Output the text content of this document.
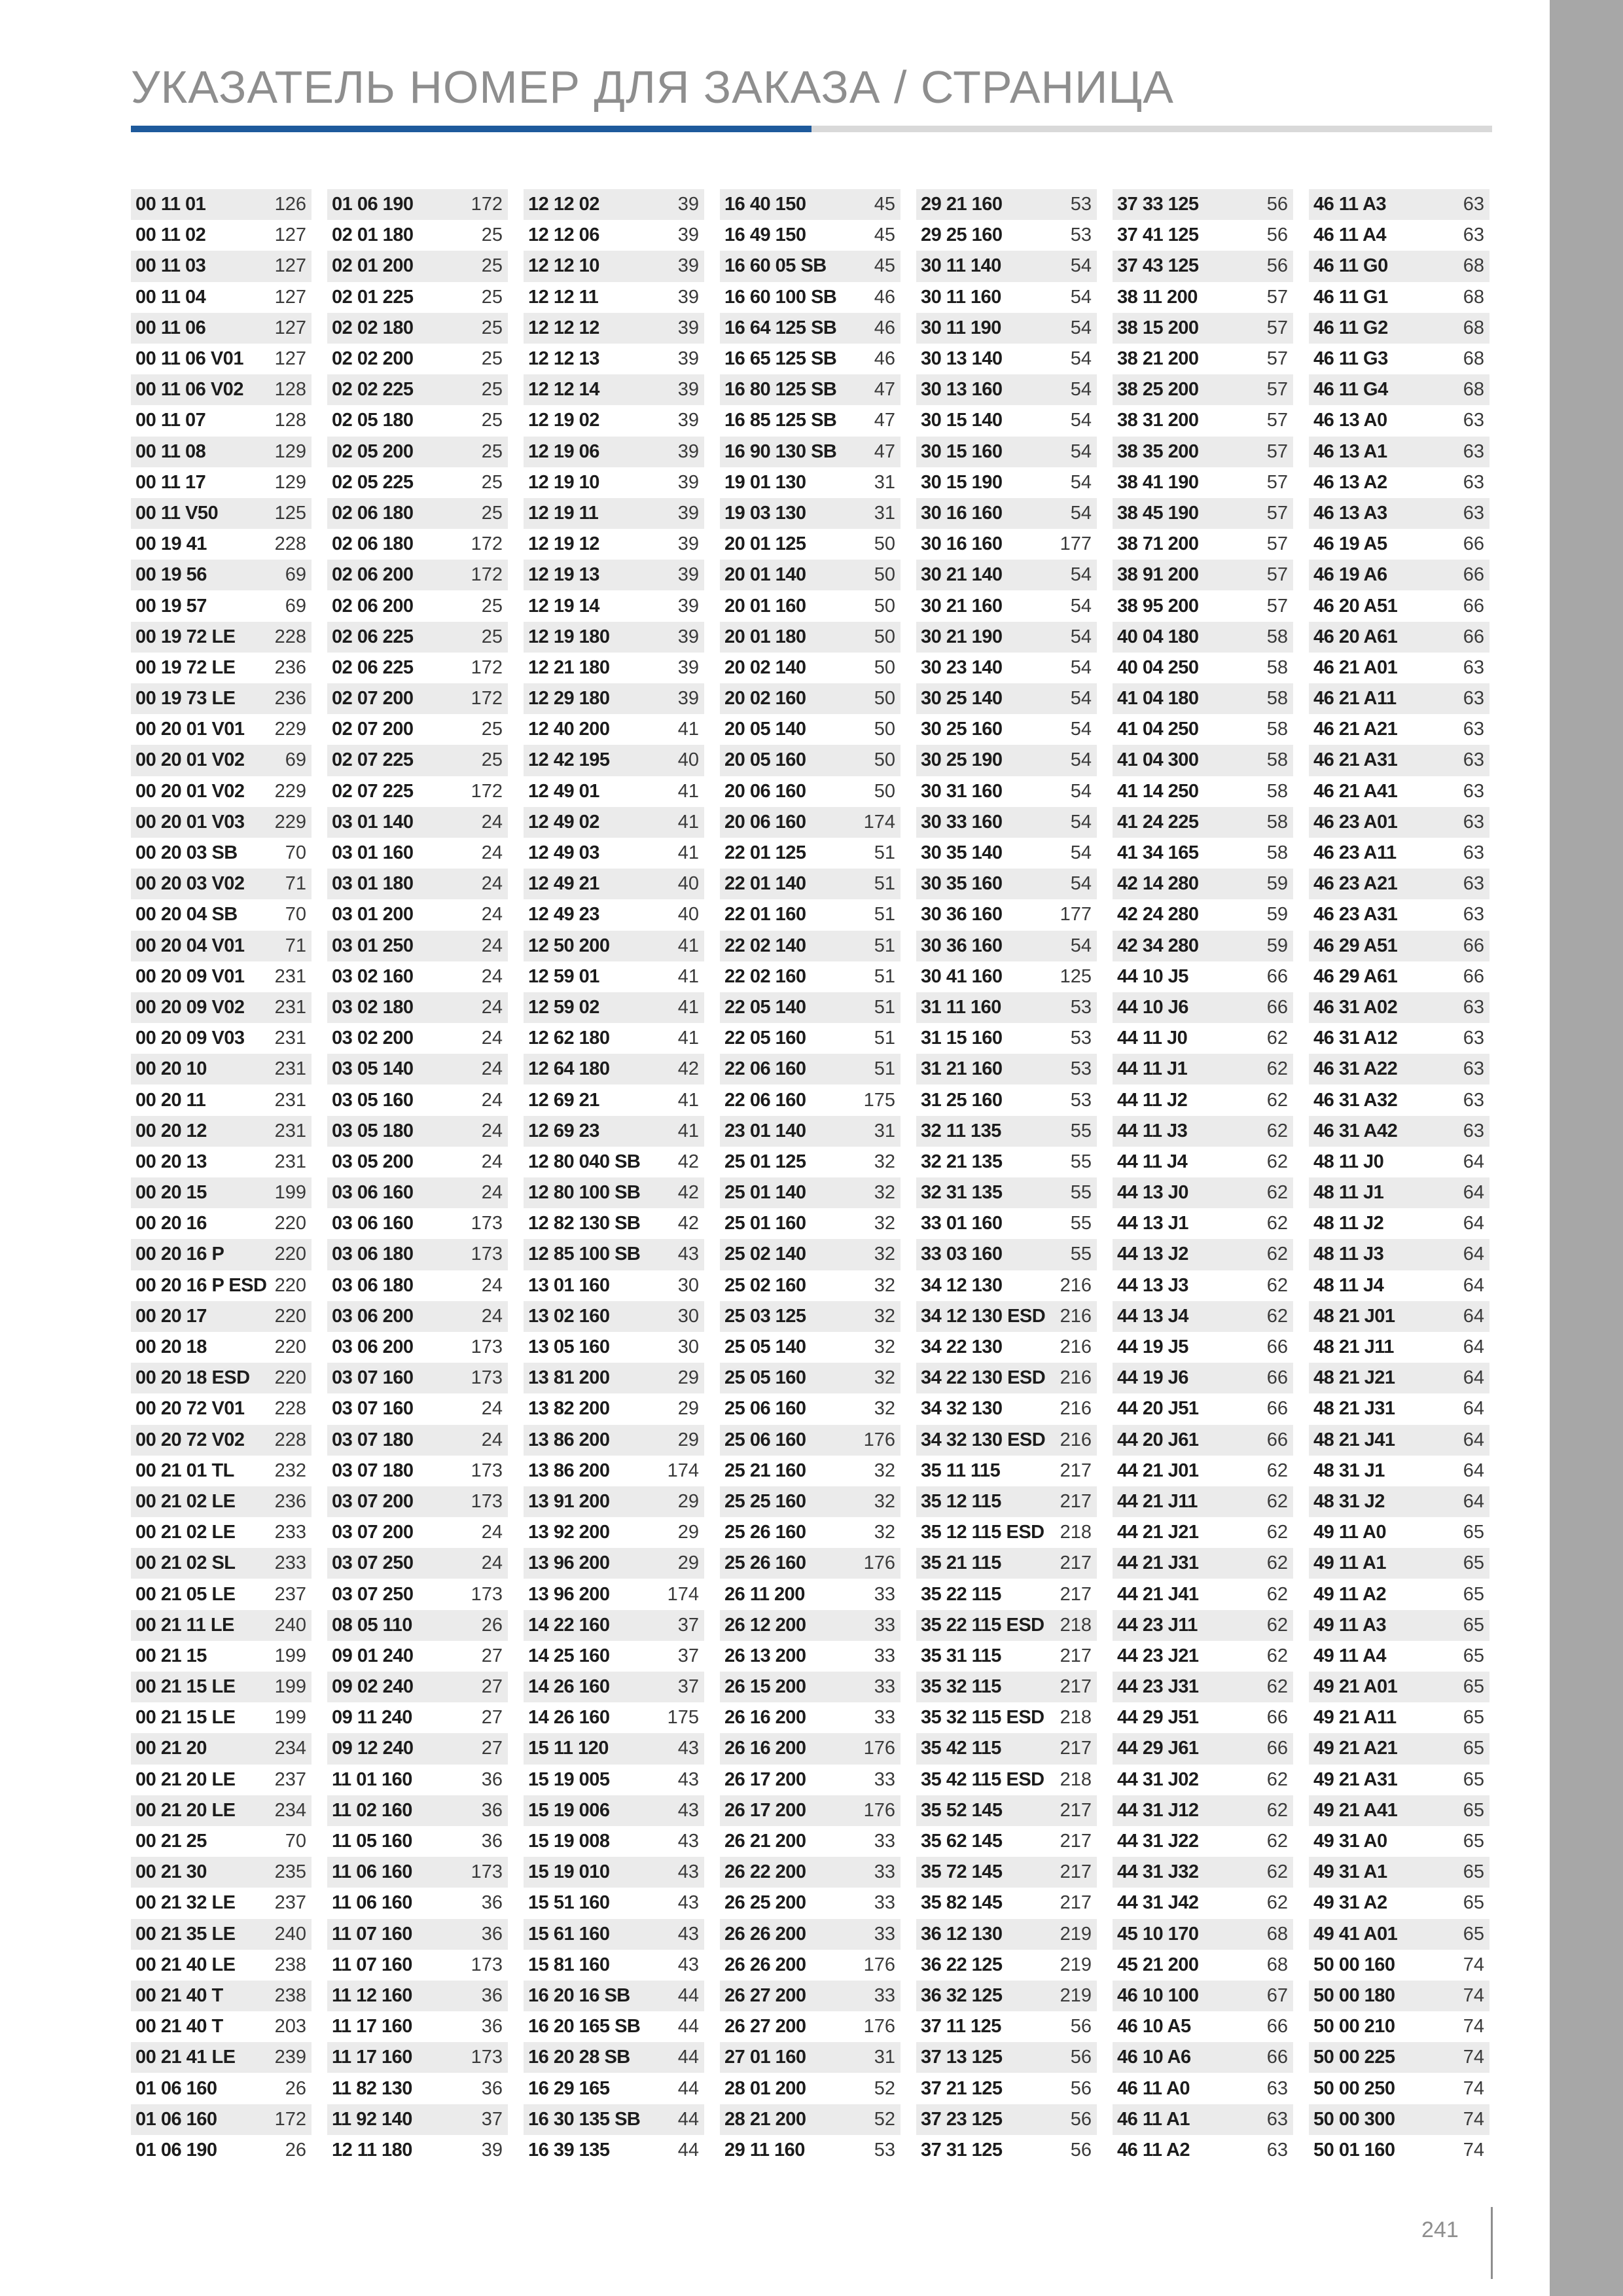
УКАЗАТЕЛЬ НОМЕР ДЛЯ ЗАКАЗА / СТРАНИЦА
00 11 01	126
00 11 02	127
00 11 03	127
00 11 04	127
00 11 06	127
00 11 06 V01 127
00 11 06 V02 128
00 11 07	128
00 11 08	129
00 11 17	129
00 11 V50	125
00 19 41	228
00 19 56	69
00 19 57	69
00 19 72 LE 228
00 19 72 LE 236
00 19 73 LE 236
00 20 01 V01 229
00 20 01 V02 69
00 20 01 V02 229
00 20 01 V03 229
00 20 03 SB	70
00 20 03 V02 71
00 20 04 SB	70
00 20 04 V01 71
00 20 09 V01 231
00 20 09 V02 231
00 20 09 V03 231
00 20 10	231
00 20 11	231
00 20 12	231
00 20 13	231
00 20 15	199
00 20 16	220
00 20 16 P	220
00 20 16 P ESD 220
00 20 17	220
00 20 18	220
00 20 18 ESD 220
00 20 72 V01 228
00 20 72 V02 228
00 21 01 TL 232
00 21 02 LE 236
00 21 02 LE 233
00 21 02 SL 233
00 21 05 LE 237
00 21 11 LE 240
00 21 15	199
00 21 15 LE 199
00 21 15 LE 199
00 21 20	234
00 21 20 LE 237
00 21 20 LE 234
00 21 25	70
00 21 30	235
00 21 32 LE 237
00 21 35 LE 240
00 21 40 LE 238
00 21 40 T	238
00 21 40 T	203
00 21 41 LE 239
01 06 160	26
01 06 160	172
01 06 190	26
01 06 190	172
02 01 180	25
02 01 200	25
02 01 225	25
02 02 180	25
02 02 200	25
02 02 225	25
02 05 180	25
02 05 200	25
02 05 225	25
02 06 180	25
02 06 180	172
02 06 200	172
02 06 200	25
02 06 225	25
02 06 225	172
02 07 200	172
02 07 200	25
02 07 225	25
02 07 225	172
03 01 140	24
03 01 160	24
03 01 180	24
03 01 200	24
03 01 250	24
03 02 160	24
03 02 180	24
03 02 200	24
03 05 140	24
03 05 160	24
03 05 180	24
03 05 200	24
03 06 160	24
03 06 160	173
03 06 180	173
03 06 180	24
03 06 200	24
03 06 200	173
03 07 160	173
03 07 160	24
03 07 180	24
03 07 180	173
03 07 200	173
03 07 200	24
03 07 250	24
03 07 250	173
08 05 110	26
09 01 240	27
09 02 240	27
09 11 240	27
09 12 240	27
11 01 160	36
11 02 160	36
11 05 160	36
11 06 160	173
11 06 160	36
11 07 160	36
11 07 160	173
11 12 160	36
11 17 160	36
11 17 160	173
11 82 130	36
11 92 140	37
12 11 180	39
12 12 02	39
12 12 06	39
12 12 10	39
12 12 11	39
12 12 12	39
12 12 13	39
12 12 14	39
12 19 02	39
12 19 06	39
12 19 10	39
12 19 11	39
12 19 12	39
12 19 13	39
12 19 14	39
12 19 180	39
12 21 180	39
12 29 180	39
12 40 200	41
12 42 195	40
12 49 01	41
12 49 02	41
12 49 03	41
12 49 21	40
12 49 23	40
12 50 200	41
12 59 01	41
12 59 02	41
12 62 180	41
12 64 180	42
12 69 21	41
12 69 23	41
12 80 040 SB 42
12 80 100 SB 42
12 82 130 SB 42
12 85 100 SB 43
13 01 160	30
13 02 160	30
13 05 160	30
13 81 200	29
13 82 200	29
13 86 200	29
13 86 200	174
13 91 200	29
13 92 200	29
13 96 200	29
13 96 200	174
14 22 160	37
14 25 160	37
14 26 160	37
14 26 160	175
15 11 120	43
15 19 005	43
15 19 006	43
15 19 008	43
15 19 010	43
15 51 160	43
15 61 160	43
15 81 160	43
16 20 16 SB	44
16 20 165 SB 44
16 20 28 SB	44
16 29 165	44
16 30 135 SB 44
16 39 135	44
16 40 150	45
16 49 150	45
16 60 05 SB	45
16 60 100 SB 46
16 64 125 SB 46
16 65 125 SB 46
16 80 125 SB 47
16 85 125 SB 47
16 90 130 SB 47
19 01 130	31
19 03 130	31
20 01 125	50
20 01 140	50
20 01 160	50
20 01 180	50
20 02 140	50
20 02 160	50
20 05 140	50
20 05 160	50
20 06 160	50
20 06 160	174
22 01 125	51
22 01 140	51
22 01 160	51
22 02 140	51
22 02 160	51
22 05 140	51
22 05 160	51
22 06 160	51
22 06 160	175
23 01 140	31
25 01 125	32
25 01 140	32
25 01 160	32
25 02 140	32
25 02 160	32
25 03 125	32
25 05 140	32
25 05 160	32
25 06 160	32
25 06 160	176
25 21 160	32
25 25 160	32
25 26 160	32
25 26 160	176
26 11 200	33
26 12 200	33
26 13 200	33
26 15 200	33
26 16 200	33
26 16 200	176
26 17 200	33
26 17 200	176
26 21 200	33
26 22 200	33
26 25 200	33
26 26 200	33
26 26 200	176
26 27 200	33
26 27 200	176
27 01 160	31
28 01 200	52
28 21 200	52
29 11 160	53
29 21 160	53
29 25 160	53
30 11 140	54
30 11 160	54
30 11 190	54
30 13 140	54
30 13 160	54
30 15 140	54
30 15 160	54
30 15 190	54
30 16 160	54
30 16 160	177
30 21 140	54
30 21 160	54
30 21 190	54
30 23 140	54
30 25 140	54
30 25 160	54
30 25 190	54
30 31 160	54
30 33 160	54
30 35 140	54
30 35 160	54
30 36 160	177
30 36 160	54
30 41 160	125
31 11 160	53
31 15 160	53
31 21 160	53
31 25 160	53
32 11 135	55
32 21 135	55
32 31 135	55
33 01 160	55
33 03 160	55
34 12 130	216
34 12 130 ESD 216
34 22 130	216
34 22 130 ESD 216
34 32 130	216
34 32 130 ESD 216
35 11 115	217
35 12 115	217
35 12 115 ESD 218
35 21 115	217
35 22 115	217
35 22 115 ESD 218
35 31 115	217
35 32 115	217
35 32 115 ESD 218
35 42 115	217
35 42 115 ESD 218
35 52 145	217
35 62 145	217
35 72 145	217
35 82 145	217
36 12 130	219
36 22 125	219
36 32 125	219
37 11 125	56
37 13 125	56
37 21 125	56
37 23 125	56
37 31 125	56
37 33 125	56
37 41 125	56
37 43 125	56
38 11 200	57
38 15 200	57
38 21 200	57
38 25 200	57
38 31 200	57
38 35 200	57
38 41 190	57
38 45 190	57
38 71 200	57
38 91 200	57
38 95 200	57
40 04 180	58
40 04 250	58
41 04 180	58
41 04 250	58
41 04 300	58
41 14 250	58
41 24 225	58
41 34 165	58
42 14 280	59
42 24 280	59
42 34 280	59
44 10 J5	66
44 10 J6	66
44 11 J0	62
44 11 J1	62
44 11 J2	62
44 11 J3	62
44 11 J4	62
44 13 J0	62
44 13 J1	62
44 13 J2	62
44 13 J3	62
44 13 J4	62
44 19 J5	66
44 19 J6	66
44 20 J51	66
44 20 J61	66
44 21 J01	62
44 21 J11	62
44 21 J21	62
44 21 J31	62
44 21 J41	62
44 23 J11	62
44 23 J21	62
44 23 J31	62
44 29 J51	66
44 29 J61	66
44 31 J02	62
44 31 J12	62
44 31 J22	62
44 31 J32	62
44 31 J42	62
45 10 170	68
45 21 200	68
46 10 100	67
46 10 A5	66
46 10 A6	66
46 11 A0	63
46 11 A1	63
46 11 A2	63
46 11 A3	63
46 11 A4	63
46 11 G0	68
46 11 G1	68
46 11 G2	68
46 11 G3	68
46 11 G4	68
46 13 A0	63
46 13 A1	63
46 13 A2	63
46 13 A3	63
46 19 A5	66
46 19 A6	66
46 20 A51	66
46 20 A61	66
46 21 A01	63
46 21 A11	63
46 21 A21	63
46 21 A31	63
46 21 A41	63
46 23 A01	63
46 23 A11	63
46 23 A21	63
46 23 A31	63
46 29 A51	66
46 29 A61	66
46 31 A02	63
46 31 A12	63
46 31 A22	63
46 31 A32	63
46 31 A42	63
48 11 J0	64
48 11 J1	64
48 11 J2	64
48 11 J3	64
48 11 J4	64
48 21 J01	64
48 21 J11	64
48 21 J21	64
48 21 J31	64
48 21 J41	64
48 31 J1	64
48 31 J2	64
49 11 A0	65
49 11 A1	65
49 11 A2	65
49 11 A3	65
49 11 A4	65
49 21 A01	65
49 21 A11	65
49 21 A21	65
49 21 A31	65
49 21 A41	65
49 31 A0	65
49 31 A1	65
49 31 A2	65
49 41 A01	65
50 00 160	74
50 00 180	74
50 00 210	74
50 00 225	74
50 00 250	74
50 00 300	74
50 01 160	74
241
